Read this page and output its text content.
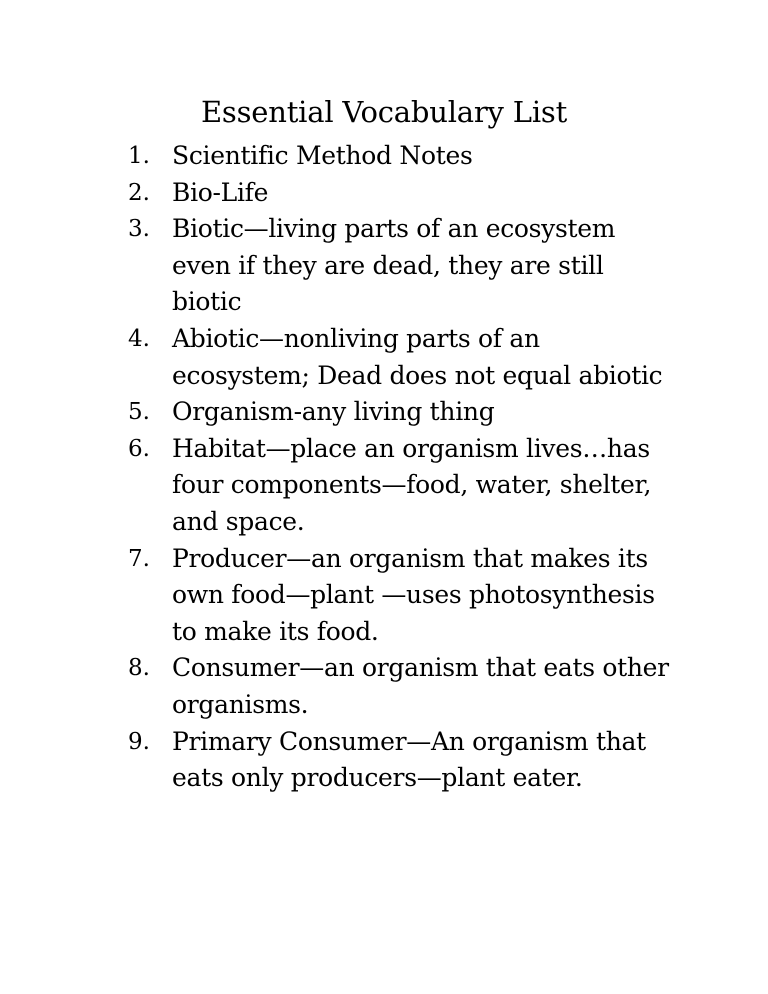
Essential Vocabulary List
1. Scientific Method Notes
2. Bio-Life
3. Biotic—living parts of an ecosystem even if they are dead, they are still biotic
4. Abiotic—nonliving parts of an ecosystem; Dead does not equal abiotic
5. Organism-any living thing
6. Habitat—place an organism lives…has four components—food, water, shelter, and space.
7. Producer—an organism that makes its own food—plant —uses photosynthesis to make its food.
8. Consumer—an organism that eats other organisms.
9. Primary Consumer—An organism that eats only producers—plant eater.
